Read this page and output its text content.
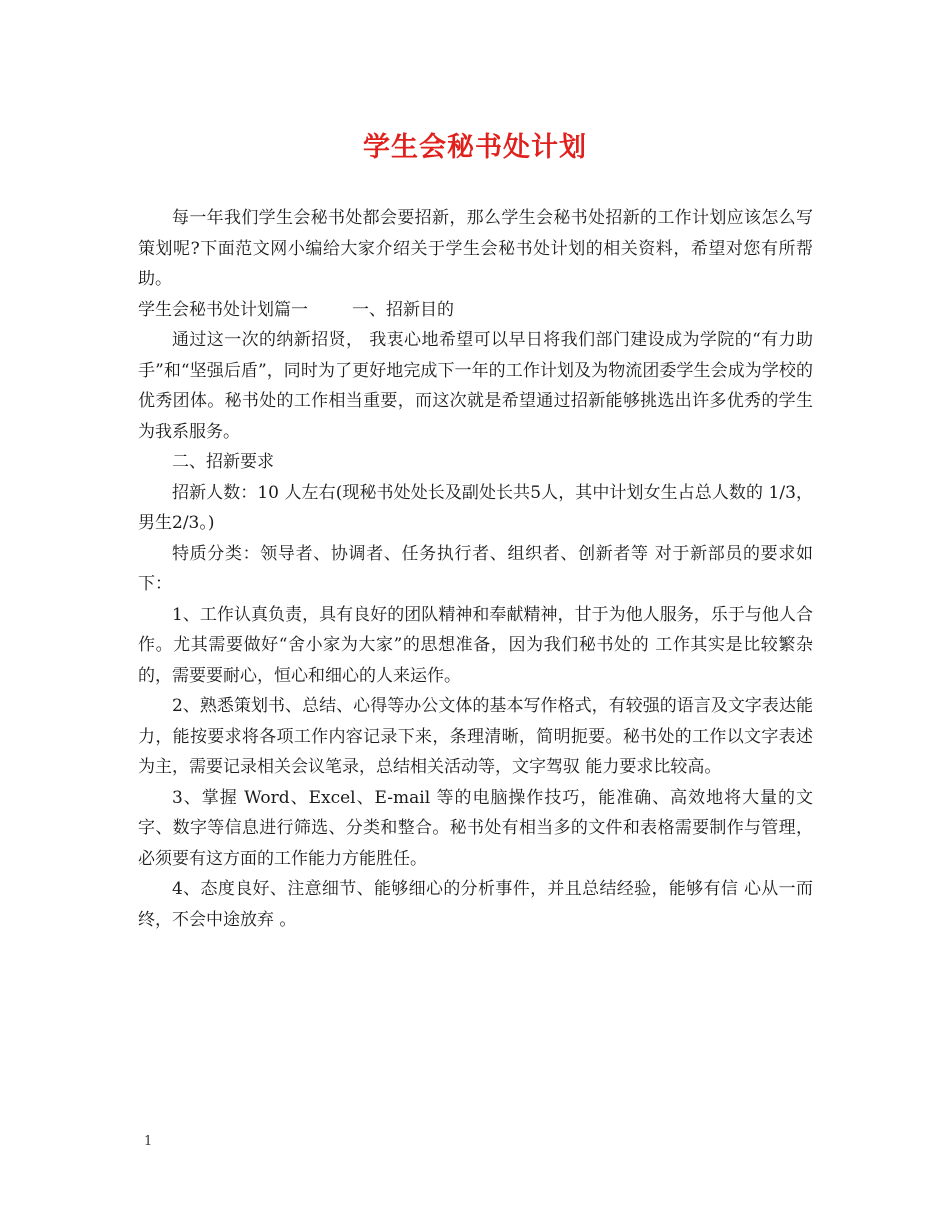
学生会秘书处计划

每一年我们学生会秘书处都会要招新，那么学生会秘书处招新的工作计划应该怎么写策划呢?下面范文网小编给大家介绍关于学生会秘书处计划的相关资料，希望对您有所帮助。

学生会秘书处计划篇一	一、招新目的

通过这一次的纳新招贤， 我衷心地希望可以早日将我们部门建设成为学院的“有力助手”和“坚强后盾”，同时为了更好地完成下一年的工作计划及为物流团委学生会成为学校的优秀团体。秘书处的工作相当重要，而这次就是希望通过招新能够挑选出许多优秀的学生为我系服务。

二、招新要求

招新人数：10 人左右(现秘书处处长及副处长共5人，其中计划女生占总人数的 1/3，男生2/3。)

特质分类：领导者、协调者、任务执行者、组织者、创新者等 对于新部员的要求如下：

1、工作认真负责，具有良好的团队精神和奉献精神，甘于为他人服务，乐于与他人合作。尤其需要做好“舍小家为大家”的思想准备，因为我们秘书处的 工作其实是比较繁杂的，需要要耐心，恒心和细心的人来运作。

2、熟悉策划书、总结、心得等办公文体的基本写作格式，有较强的语言及文字表达能力，能按要求将各项工作内容记录下来，条理清晰，简明扼要。秘书处的工作以文字表述为主，需要记录相关会议笔录，总结相关活动等，文字驾驭 能力要求比较高。

3、掌握 Word、Excel、E-mail 等的电脑操作技巧，能准确、高效地将大量的文字、数字等信息进行筛选、分类和整合。秘书处有相当多的文件和表格需要制作与管理，必须要有这方面的工作能力方能胜任。

4、态度良好、注意细节、能够细心的分析事件，并且总结经验，能够有信 心从一而终，不会中途放弃 。

1
